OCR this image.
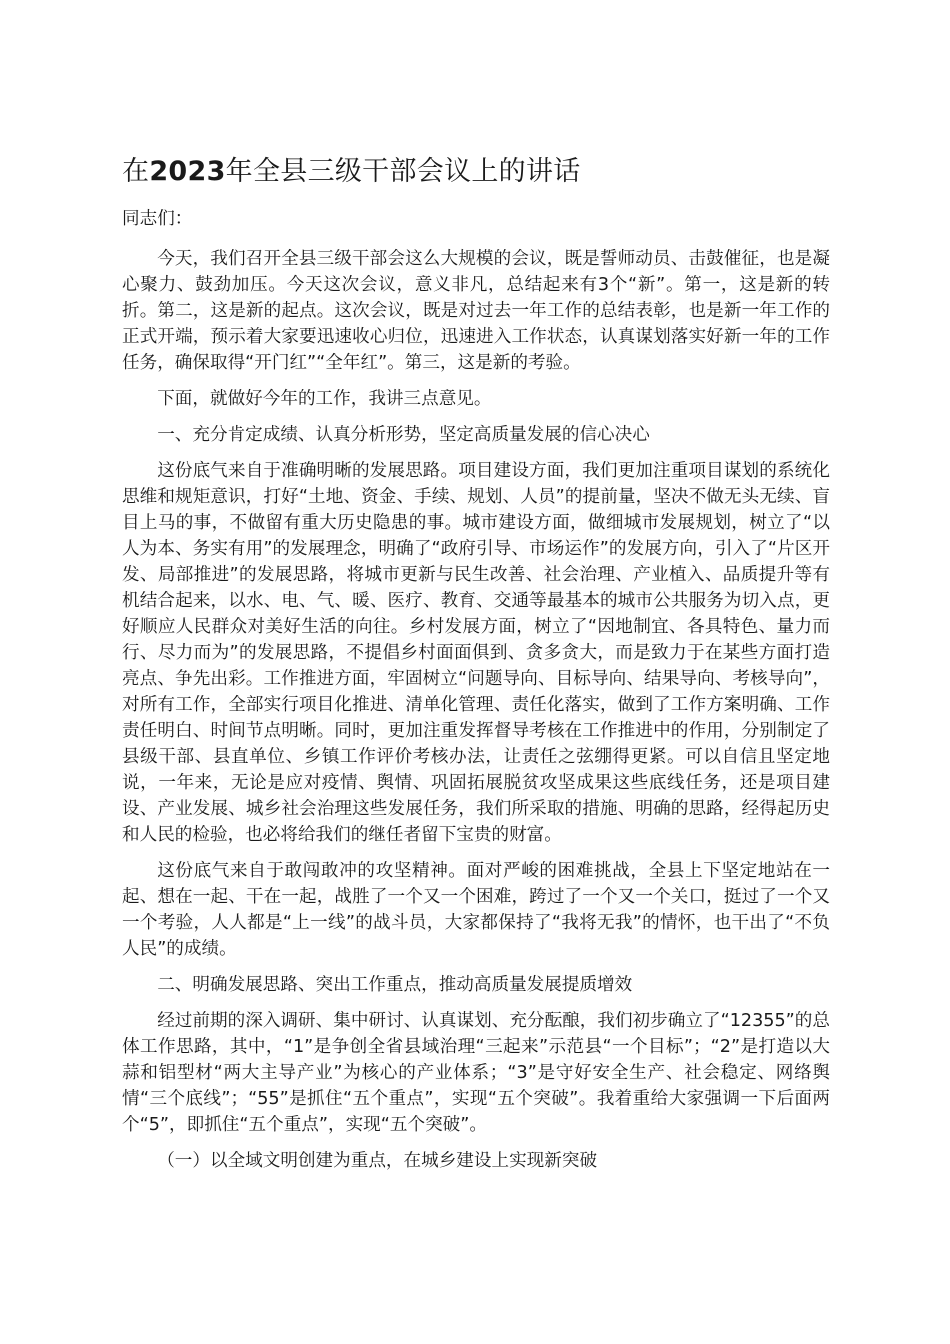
在2023年全县三级干部会议上的讲话

同志们：

今天，我们召开全县三级干部会这么大规模的会议，既是誓师动员、击鼓催征，也是凝心聚力、鼓劲加压。今天这次会议，意义非凡，总结起来有3个“新”。第一，这是新的转折。第二，这是新的起点。这次会议，既是对过去一年工作的总结表彰，也是新一年工作的正式开端，预示着大家要迅速收心归位，迅速进入工作状态，认真谋划落实好新一年的工作任务，确保取得“开门红”“全年红”。第三，这是新的考验。

下面，就做好今年的工作，我讲三点意见。

一、充分肯定成绩、认真分析形势，坚定高质量发展的信心决心

这份底气来自于准确明晰的发展思路。项目建设方面，我们更加注重项目谋划的系统化思维和规矩意识，打好“土地、资金、手续、规划、人员”的提前量，坚决不做无头无续、盲目上马的事，不做留有重大历史隐患的事。城市建设方面，做细城市发展规划，树立了“以人为本、务实有用”的发展理念，明确了“政府引导、市场运作”的发展方向，引入了“片区开发、局部推进”的发展思路，将城市更新与民生改善、社会治理、产业植入、品质提升等有机结合起来，以水、电、气、暖、医疗、教育、交通等最基本的城市公共服务为切入点，更好顺应人民群众对美好生活的向往。乡村发展方面，树立了“因地制宜、各具特色、量力而行、尽力而为”的发展思路，不提倡乡村面面俱到、贪多贪大，而是致力于在某些方面打造亮点、争先出彩。工作推进方面，牢固树立“问题导向、目标导向、结果导向、考核导向”，对所有工作，全部实行项目化推进、清单化管理、责任化落实，做到了工作方案明确、工作责任明白、时间节点明晰。同时，更加注重发挥督导考核在工作推进中的作用，分别制定了县级干部、县直单位、乡镇工作评价考核办法，让责任之弦绷得更紧。可以自信且坚定地说，一年来，无论是应对疫情、舆情、巩固拓展脱贫攻坚成果这些底线任务，还是项目建设、产业发展、城乡社会治理这些发展任务，我们所采取的措施、明确的思路，经得起历史和人民的检验，也必将给我们的继任者留下宝贵的财富。

这份底气来自于敢闯敢冲的攻坚精神。面对严峻的困难挑战，全县上下坚定地站在一起、想在一起、干在一起，战胜了一个又一个困难，跨过了一个又一个关口，挺过了一个又一个考验，人人都是“上一线”的战斗员，大家都保持了“我将无我”的情怀，也干出了“不负人民”的成绩。

二、明确发展思路、突出工作重点，推动高质量发展提质增效

经过前期的深入调研、集中研讨、认真谋划、充分酝酿，我们初步确立了“12355”的总体工作思路，其中，“1”是争创全省县域治理“三起来”示范县“一个目标”；“2”是打造以大蒜和铝型材“两大主导产业”为核心的产业体系；“3”是守好安全生产、社会稳定、网络舆情“三个底线”；“55”是抓住“五个重点”，实现“五个突破”。我着重给大家强调一下后面两个“5”，即抓住“五个重点”，实现“五个突破”。

（一）以全域文明创建为重点，在城乡建设上实现新突破
